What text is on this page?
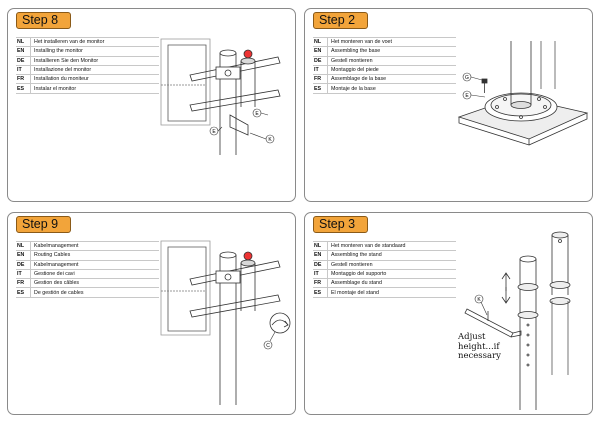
Step 8
NL	Het installeren van de monitor
EN	Installing the monitor
DE	Installieren Sie den Monitor
IT	Installazione del monitor
FR	Installation du moniteur
ES	Instalar el monitor
E
E
K
Step 2
NL	Het monteren van de voet
EN	Assembling the base
DE	Gestell montieren
IT	Montaggio del piede
FR	Assemblage de la base
ES	Montaje de la base
G
E
Step 9
NL	Kabelmanagement
EN	Routing Cables
DE	Kabelmanagement
IT	Gestione dei cavi
FR	Gestion des câbles
ES	De gestión de cables
C
Step 3
NL	Het monteren van de standaard
EN	Assembling the stand
DE	Gestell montieren
IT	Montaggio del supporto
FR	Assemblage du stand
ES	El montaje del stand
K
Adjust
height...if
necessary
